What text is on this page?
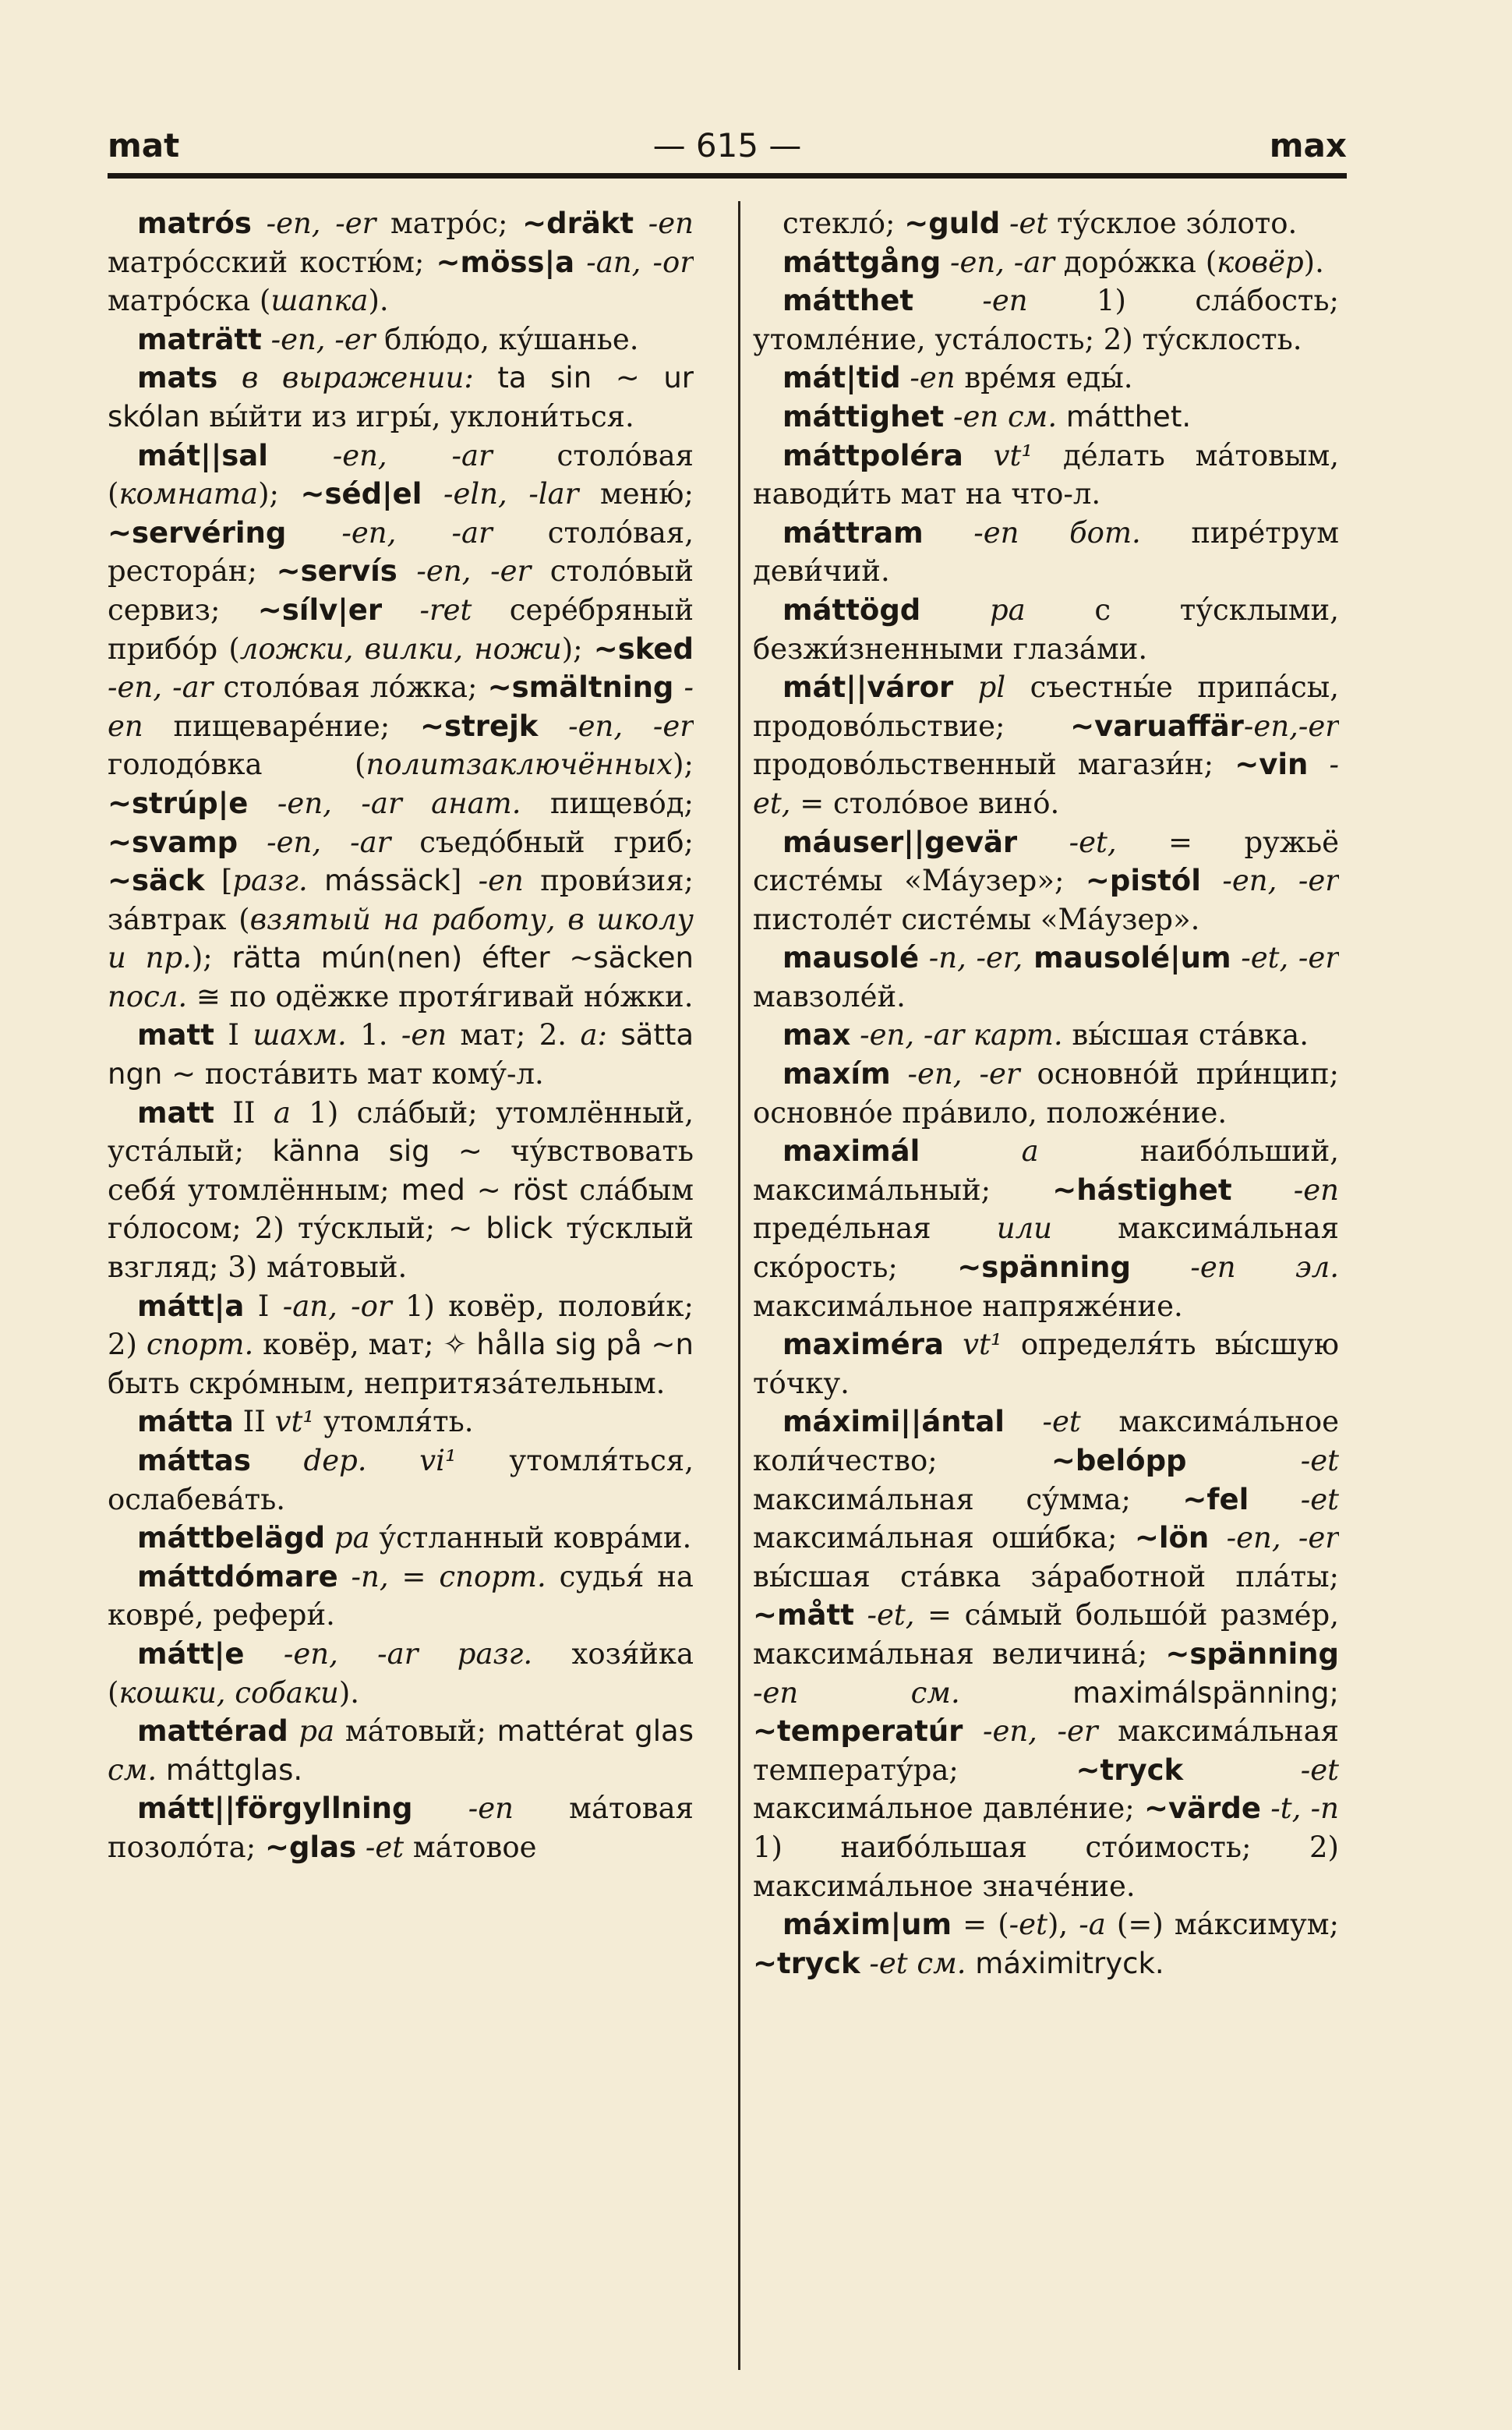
mat	— 615 —	max

matrós -en, -er матро́с; ~dräkt -en матро́сский костю́м; ~möss|a -an, -or матро́ска (шапка).

maträtt -en, -er блю́до, ку́шанье.

mats в выражении: ta sin ~ ur skólan вы́йти из игры́, уклони́ться.

mát||sal -en, -ar столо́вая (комната); ~séd|el -eln, -lar меню́; ~servéring -en, -ar столо́вая, ресторáн; ~servís -en, -er столо́вый сервиз; ~sílv|er -ret серéбряный прибо́р (ложки, вилки, ножи); ~sked -en, -ar столо́вая ло́жка; ~smältning -en пищеваре́ние; ~strejk -en, -er голодо́вка (политзаключённых); ~strúp|e -en, -ar анат. пищево́д; ~svamp -en, -ar съедо́бный гриб; ~säck [разг. mássäck] -en прови́зия; зáвтрак (взятый на работу, в школу и пр.); rätta mún(nen) éfter ~säcken посл. ≅ по одёжке протя́гивай но́жки.

matt I шахм. 1. -en мат; 2. a: sätta ngn ~ постáвить мат кому́-л.

matt II a 1) слáбый; утомлённый, устáлый; känna sig ~ чу́вствовать себя́ утомлённым; med ~ röst слáбым го́лосом; 2) ту́склый; ~ blick ту́склый взгляд; 3) мáтовый.

mátt|a I -an, -or 1) ковёр, полови́к; 2) спорт. ковёр, мат; ✧ hålla sig på ~n быть скро́мным, непритязáтельным.

mátta II vt¹ утомля́ть.

máttas dep. vi¹ утомля́ться, ослабевáть.

máttbelägd pa у́стланный коврáми.

máttdómare -n, = спорт. судья́ на ковре́, рефери́.

mátt|e -en, -ar разг. хозя́йка (кошки, собаки).

mattérad pa мáтовый; mattérat glas см. máttglas.

mátt||förgyllning -en мáтовая позоло́та; ~glas -et мáтовое

стекло́; ~guld -et ту́склое зо́лото.

máttgång -en, -ar доро́жка (ковёр).

mátthet -en 1) слáбость; утомле́ние, устáлость; 2) ту́склость.

mát|tid -en вре́мя еды́.

máttighet -en см. mátthet.

máttpoléra vt¹ де́лать мáтовым, наводи́ть мат на что-л.

máttram -en бот. пире́трум деви́чий.

máttögd pa с ту́склыми, безжи́зненными глазáми.

mát||váror pl съестны́е припáсы, продово́льствие; ~varuaffär-en,-er продово́льственный магази́н; ~vin -et, = столо́вое вино́.

máuser||gevär -et, = ружьё систе́мы «Мáузер»; ~pistól -en, -er пистоле́т систе́мы «Мáузер».

mausolé -n, -er, mausolé|um -et, -er мавзоле́й.

max -en, -ar карт. вы́сшая стáвка.

maxím -en, -er основно́й при́нцип; основно́е прáвило, положе́ние.

maximál a наибо́льший, максимáльный; ~hástighet -en преде́льная или максимáльная ско́рость; ~spänning -en эл. максимáльное напряже́ние.

maximéra vt¹ определя́ть вы́сшую то́чку.

máximi||ántal -et максимáльное коли́чество; ~belópp -et максимáльная су́мма; ~fel -et максимáльная оши́бка; ~lön -en, -er вы́сшая стáвка зáработной плáты; ~mått -et, = сáмый большо́й разме́р, максимáльная величинá; ~spänning -en см. maximálspänning; ~temperatúr -en, -er максимáльная температу́ра; ~tryck -et максимáльное давле́ние; ~värde -t, -n 1) наибо́льшая сто́имость; 2) максимáльное значе́ние.

máxim|um = (-et), -a (=) мáксимум; ~tryck -et см. máximitryck.
